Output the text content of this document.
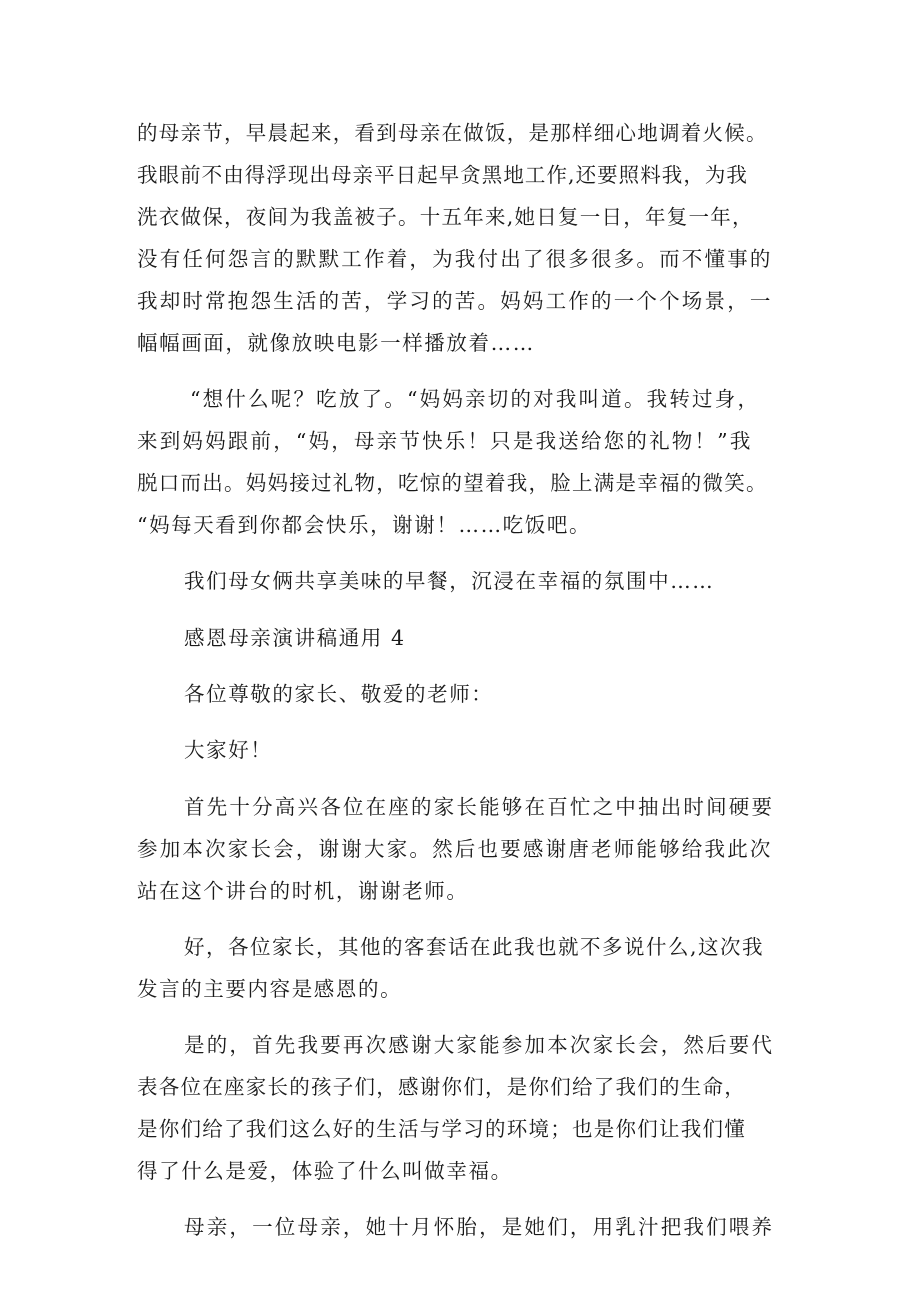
的母亲节，早晨起来，看到母亲在做饭，是那样细心地调着火候。
我眼前不由得浮现出母亲平日起早贪黑地工作,还要照料我，为我
洗衣做保，夜间为我盖被子。十五年来,她日复一日，年复一年，
没有任何怨言的默默工作着，为我付出了很多很多。而不懂事的
我却时常抱怨生活的苦，学习的苦。妈妈工作的一个个场景，一
幅幅画面，就像放映电影一样播放着……
“想什么呢？吃放了。“妈妈亲切的对我叫道。我转过身，
来到妈妈跟前，“妈，母亲节快乐！只是我送给您的礼物！”我
脱口而出。妈妈接过礼物，吃惊的望着我，脸上满是幸福的微笑。
“妈每天看到你都会快乐，谢谢！……吃饭吧。
我们母女俩共享美味的早餐，沉浸在幸福的氛围中……
感恩母亲演讲稿通用 4
各位尊敬的家长、敬爱的老师：
大家好！
首先十分高兴各位在座的家长能够在百忙之中抽出时间硬要
参加本次家长会，谢谢大家。然后也要感谢唐老师能够给我此次
站在这个讲台的时机，谢谢老师。
好，各位家长，其他的客套话在此我也就不多说什么,这次我
发言的主要内容是感恩的。
是的，首先我要再次感谢大家能参加本次家长会，然后要代
表各位在座家长的孩子们，感谢你们，是你们给了我们的生命，
是你们给了我们这么好的生活与学习的环境；也是你们让我们懂
得了什么是爱，体验了什么叫做幸福。
母亲，一位母亲，她十月怀胎，是她们，用乳汁把我们喂养
